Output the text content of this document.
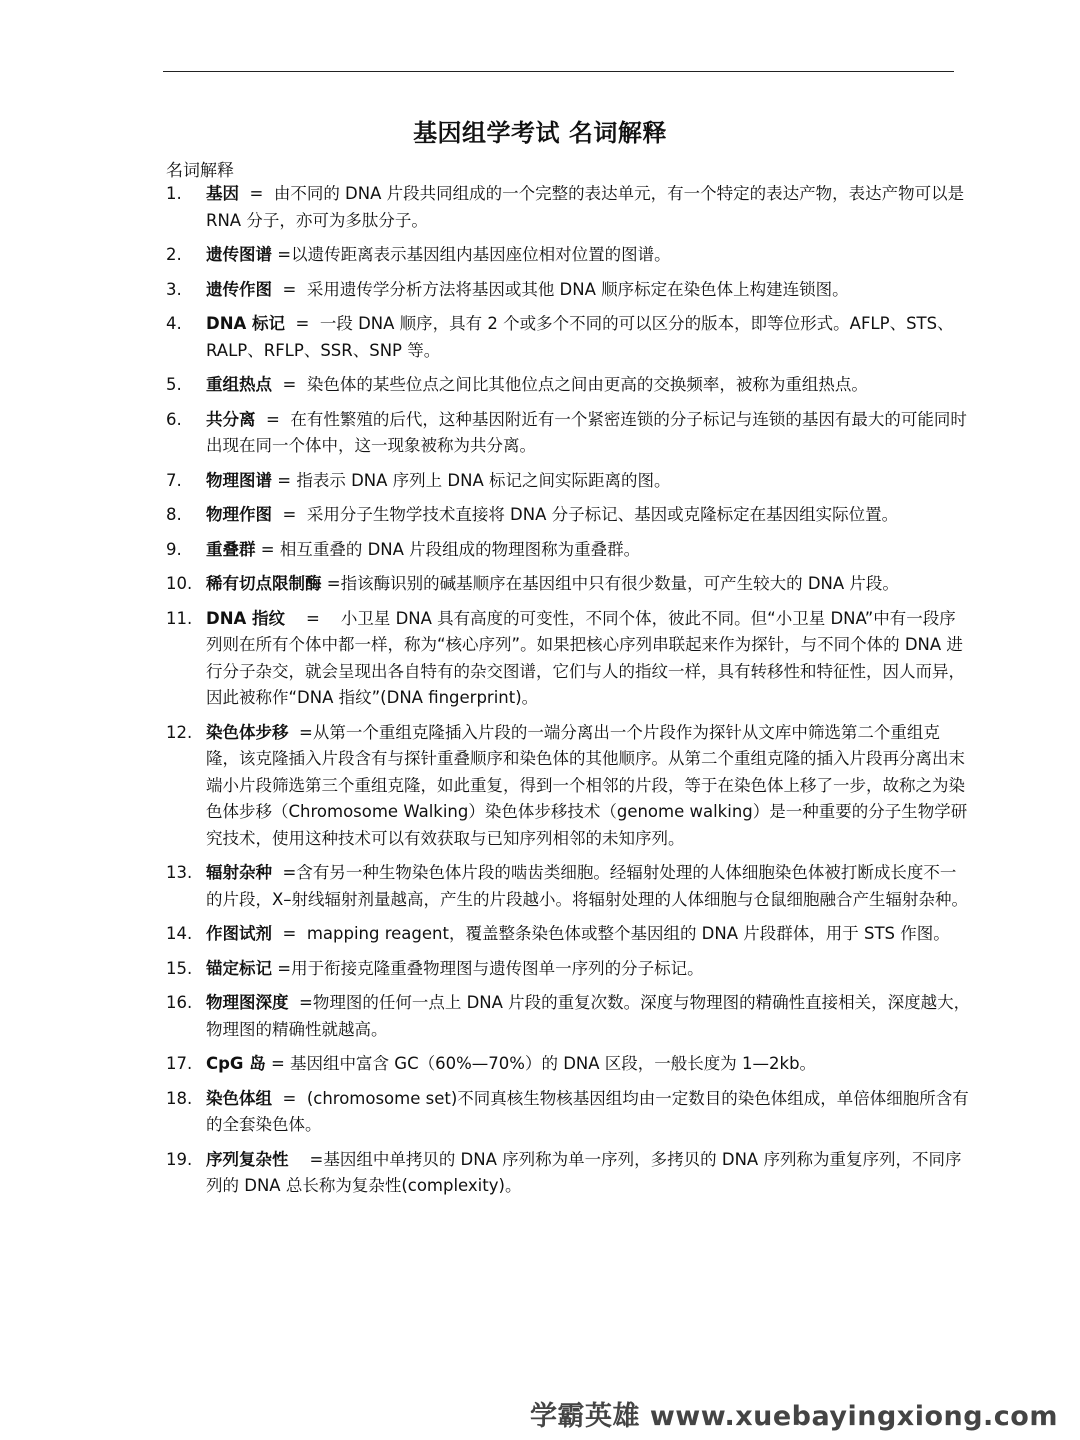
基因组学考试 名词解释
名词解释
1. 基因  =  由不同的 DNA 片段共同组成的一个完整的表达单元，有一个特定的表达产物，表达产物可以是 RNA 分子，亦可为多肽分子。
2. 遗传图谱 =以遗传距离表示基因组内基因座位相对位置的图谱。
3. 遗传作图  =  采用遗传学分析方法将基因或其他 DNA 顺序标定在染色体上构建连锁图。
4. DNA 标记  =  一段 DNA 顺序，具有 2 个或多个不同的可以区分的版本，即等位形式。AFLP、STS、RALP、RFLP、SSR、SNP 等。
5. 重组热点  =  染色体的某些位点之间比其他位点之间由更高的交换频率，被称为重组热点。
6. 共分离  =  在有性繁殖的后代，这种基因附近有一个紧密连锁的分子标记与连锁的基因有最大的可能同时出现在同一个体中，这一现象被称为共分离。
7. 物理图谱 = 指表示 DNA 序列上 DNA 标记之间实际距离的图。
8. 物理作图  =  采用分子生物学技术直接将 DNA 分子标记、基因或克隆标定在基因组实际位置。
9. 重叠群 = 相互重叠的 DNA 片段组成的物理图称为重叠群。
10. 稀有切点限制酶 =指该酶识别的碱基顺序在基因组中只有很少数量，可产生较大的 DNA 片段。
11. DNA 指纹    =    小卫星 DNA 具有高度的可变性，不同个体，彼此不同。但“小卫星 DNA”中有一段序列则在所有个体中都一样，称为“核心序列”。如果把核心序列串联起来作为探针，与不同个体的 DNA 进行分子杂交，就会呈现出各自特有的杂交图谱，它们与人的指纹一样，具有转移性和特征性，因人而异，因此被称作“DNA 指纹”(DNA fingerprint)。
12. 染色体步移  =从第一个重组克隆插入片段的一端分离出一个片段作为探针从文库中筛选第二个重组克隆，该克隆插入片段含有与探针重叠顺序和染色体的其他顺序。从第二个重组克隆的插入片段再分离出末端小片段筛选第三个重组克隆，如此重复，得到一个相邻的片段，等于在染色体上移了一步，故称之为染色体步移（Chromosome Walking）染色体步移技术（genome walking）是一种重要的分子生物学研究技术，使用这种技术可以有效获取与已知序列相邻的未知序列。
13. 辐射杂种  =含有另一种生物染色体片段的啮齿类细胞。经辐射处理的人体细胞染色体被打断成长度不一的片段，X–射线辐射剂量越高，产生的片段越小。将辐射处理的人体细胞与仓鼠细胞融合产生辐射杂种。
14. 作图试剂  =  mapping reagent，覆盖整条染色体或整个基因组的 DNA 片段群体，用于 STS 作图。
15. 锚定标记 =用于衔接克隆重叠物理图与遗传图单一序列的分子标记。
16. 物理图深度  =物理图的任何一点上 DNA 片段的重复次数。深度与物理图的精确性直接相关，深度越大，物理图的精确性就越高。
17. CpG 岛 = 基因组中富含 GC（60%—70%）的 DNA 区段，一般长度为 1—2kb。
18. 染色体组  =  (chromosome set)不同真核生物核基因组均由一定数目的染色体组成，单倍体细胞所含有的全套染色体。
19. 序列复杂性    =基因组中单拷贝的 DNA 序列称为单一序列，多拷贝的 DNA 序列称为重复序列，不同序列的 DNA 总长称为复杂性(complexity)。
学霸英雄 www.xuebayingxiong.com
